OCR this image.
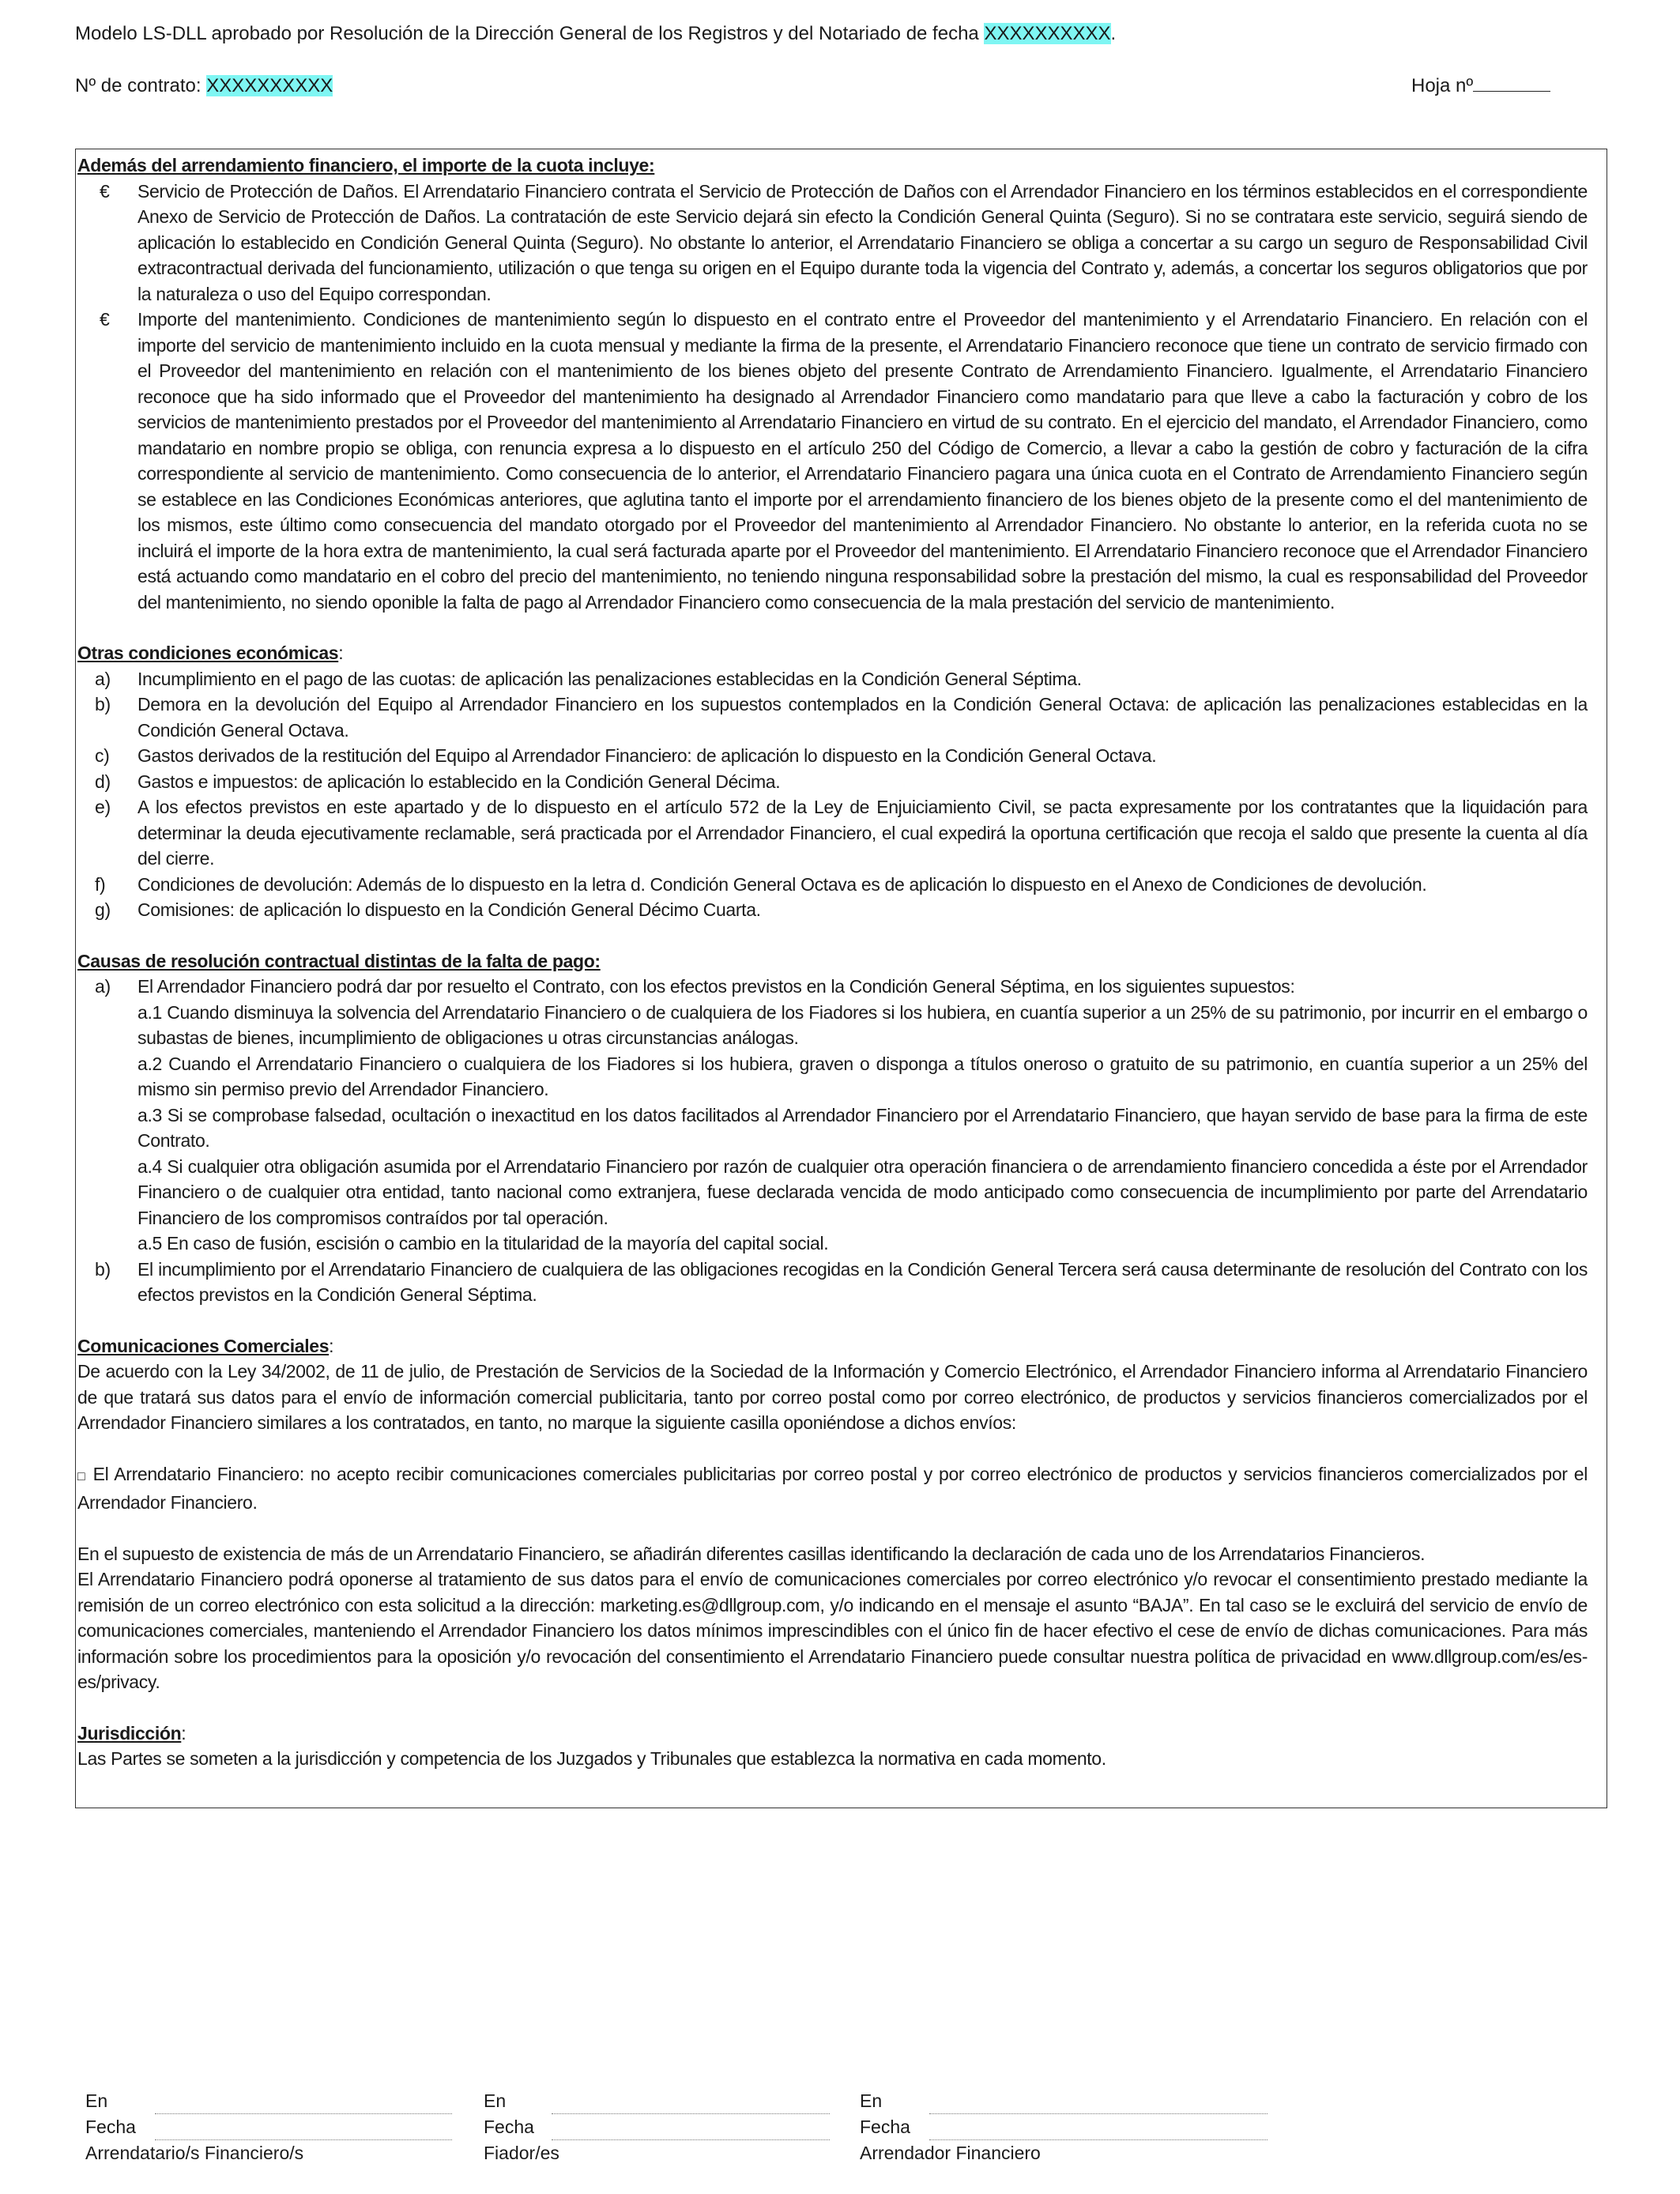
Modelo LS-DLL aprobado por Resolución de la Dirección General de los Registros y del Notariado de fecha XXXXXXXXXX.
Nº de contrato: XXXXXXXXXX	Hoja nº
Además del arrendamiento financiero, el importe de la cuota incluye:
€	Servicio de Protección de Daños. El Arrendatario Financiero contrata el Servicio de Protección de Daños con el Arrendador Financiero en los términos establecidos en el correspondiente Anexo de Servicio de Protección de Daños. La contratación de este Servicio dejará sin efecto la Condición General Quinta (Seguro). Si no se contratara este servicio, seguirá siendo de aplicación lo establecido en Condición General Quinta (Seguro). No obstante lo anterior, el Arrendatario Financiero se obliga a concertar a su cargo un seguro de Responsabilidad Civil extracontractual derivada del funcionamiento, utilización o que tenga su origen en el Equipo durante toda la vigencia del Contrato y, además, a concertar los seguros obligatorios que por la naturaleza o uso del Equipo correspondan.
€	Importe del mantenimiento. Condiciones de mantenimiento según lo dispuesto en el contrato entre el Proveedor del mantenimiento y el Arrendatario Financiero. En relación con el importe del servicio de mantenimiento incluido en la cuota mensual y mediante la firma de la presente, el Arrendatario Financiero reconoce que tiene un contrato de servicio firmado con el Proveedor del mantenimiento en relación con el mantenimiento de los bienes objeto del presente Contrato de Arrendamiento Financiero. Igualmente, el Arrendatario Financiero reconoce que ha sido informado que el Proveedor del mantenimiento ha designado al Arrendador Financiero como mandatario para que lleve a cabo la facturación y cobro de los servicios de mantenimiento prestados por el Proveedor del mantenimiento al Arrendatario Financiero en virtud de su contrato. En el ejercicio del mandato, el Arrendador Financiero, como mandatario en nombre propio se obliga, con renuncia expresa a lo dispuesto en el artículo 250 del Código de Comercio, a llevar a cabo la gestión de cobro y facturación de la cifra correspondiente al servicio de mantenimiento. Como consecuencia de lo anterior, el Arrendatario Financiero pagara una única cuota en el Contrato de Arrendamiento Financiero según se establece en las Condiciones Económicas anteriores, que aglutina tanto el importe por el arrendamiento financiero de los bienes objeto de la presente como el del mantenimiento de los mismos, este último como consecuencia del mandato otorgado por el Proveedor del mantenimiento al Arrendador Financiero. No obstante lo anterior, en la referida cuota no se incluirá el importe de la hora extra de mantenimiento, la cual será facturada aparte por el Proveedor del mantenimiento. El Arrendatario Financiero reconoce que el Arrendador Financiero está actuando como mandatario en el cobro del precio del mantenimiento, no teniendo ninguna responsabilidad sobre la prestación del mismo, la cual es responsabilidad del Proveedor del mantenimiento, no siendo oponible la falta de pago al Arrendador Financiero como consecuencia de la mala prestación del servicio de mantenimiento.
Otras condiciones económicas:
a)	Incumplimiento en el pago de las cuotas: de aplicación las penalizaciones establecidas en la Condición General Séptima.
b)	Demora en la devolución del Equipo al Arrendador Financiero en los supuestos contemplados en la Condición General Octava: de aplicación las penalizaciones establecidas en la Condición General Octava.
c)	Gastos derivados de la restitución del Equipo al Arrendador Financiero: de aplicación lo dispuesto en la Condición General Octava.
d)	Gastos e impuestos: de aplicación lo establecido en la Condición General Décima.
e)	A los efectos previstos en este apartado y de lo dispuesto en el artículo 572 de la Ley de Enjuiciamiento Civil, se pacta expresamente por los contratantes que la liquidación para determinar la deuda ejecutivamente reclamable, será practicada por el Arrendador Financiero, el cual expedirá la oportuna certificación que recoja el saldo que presente la cuenta al día del cierre.
f)	Condiciones de devolución: Además de lo dispuesto en la letra d. Condición General Octava es de aplicación lo dispuesto en el Anexo de Condiciones de devolución.
g)	Comisiones: de aplicación lo dispuesto en la Condición General Décimo Cuarta.
Causas de resolución contractual distintas de la falta de pago:
a)	El Arrendador Financiero podrá dar por resuelto el Contrato, con los efectos previstos en la Condición General Séptima, en los siguientes supuestos:
a.1 Cuando disminuya la solvencia del Arrendatario Financiero o de cualquiera de los Fiadores si los hubiera, en cuantía superior a un 25% de su patrimonio, por incurrir en el embargo o subastas de bienes, incumplimiento de obligaciones u otras circunstancias análogas.
a.2 Cuando el Arrendatario Financiero o cualquiera de los Fiadores si los hubiera, graven o disponga a títulos oneroso o gratuito de su patrimonio, en cuantía superior a un 25% del mismo sin permiso previo del Arrendador Financiero.
a.3 Si se comprobase falsedad, ocultación o inexactitud en los datos facilitados al Arrendador Financiero por el Arrendatario Financiero, que hayan servido de base para la firma de este Contrato.
a.4 Si cualquier otra obligación asumida por el Arrendatario Financiero por razón de cualquier otra operación financiera o de arrendamiento financiero concedida a éste por el Arrendador Financiero o de cualquier otra entidad, tanto nacional como extranjera, fuese declarada vencida de modo anticipado como consecuencia de incumplimiento por parte del Arrendatario Financiero de los compromisos contraídos por tal operación.
a.5 En caso de fusión, escisión o cambio en la titularidad de la mayoría del capital social.
b)	El incumplimiento por el Arrendatario Financiero de cualquiera de las obligaciones recogidas en la Condición General Tercera será causa determinante de resolución del Contrato con los efectos previstos en la Condición General Séptima.
Comunicaciones Comerciales:
De acuerdo con la Ley 34/2002, de 11 de julio, de Prestación de Servicios de la Sociedad de la Información y Comercio Electrónico, el Arrendador Financiero informa al Arrendatario Financiero de que tratará sus datos para el envío de información comercial publicitaria, tanto por correo postal como por correo electrónico, de productos y servicios financieros comercializados por el Arrendador Financiero similares a los contratados, en tanto, no marque la siguiente casilla oponiéndose a dichos envíos:
□ El Arrendatario Financiero: no acepto recibir comunicaciones comerciales publicitarias por correo postal y por correo electrónico de productos y servicios financieros comercializados por el Arrendador Financiero.
En el supuesto de existencia de más de un Arrendatario Financiero, se añadirán diferentes casillas identificando la declaración de cada uno de los Arrendatarios Financieros.
El Arrendatario Financiero podrá oponerse al tratamiento de sus datos para el envío de comunicaciones comerciales por correo electrónico y/o revocar el consentimiento prestado mediante la remisión de un correo electrónico con esta solicitud a la dirección: marketing.es@dllgroup.com, y/o indicando en el mensaje el asunto “BAJA”. En tal caso se le excluirá del servicio de envío de comunicaciones comerciales, manteniendo el Arrendador Financiero los datos mínimos imprescindibles con el único fin de hacer efectivo el cese de envío de dichas comunicaciones. Para más información sobre los procedimientos para la oposición y/o revocación del consentimiento el Arrendatario Financiero puede consultar nuestra política de privacidad en www.dllgroup.com/es/es-es/privacy.
Jurisdicción:
Las Partes se someten a la jurisdicción y competencia de los Juzgados y Tribunales que establezca la normativa en cada momento.
En
Fecha
Arrendatario/s Financiero/s
En
Fecha
Fiador/es
En
Fecha
Arrendador Financiero
